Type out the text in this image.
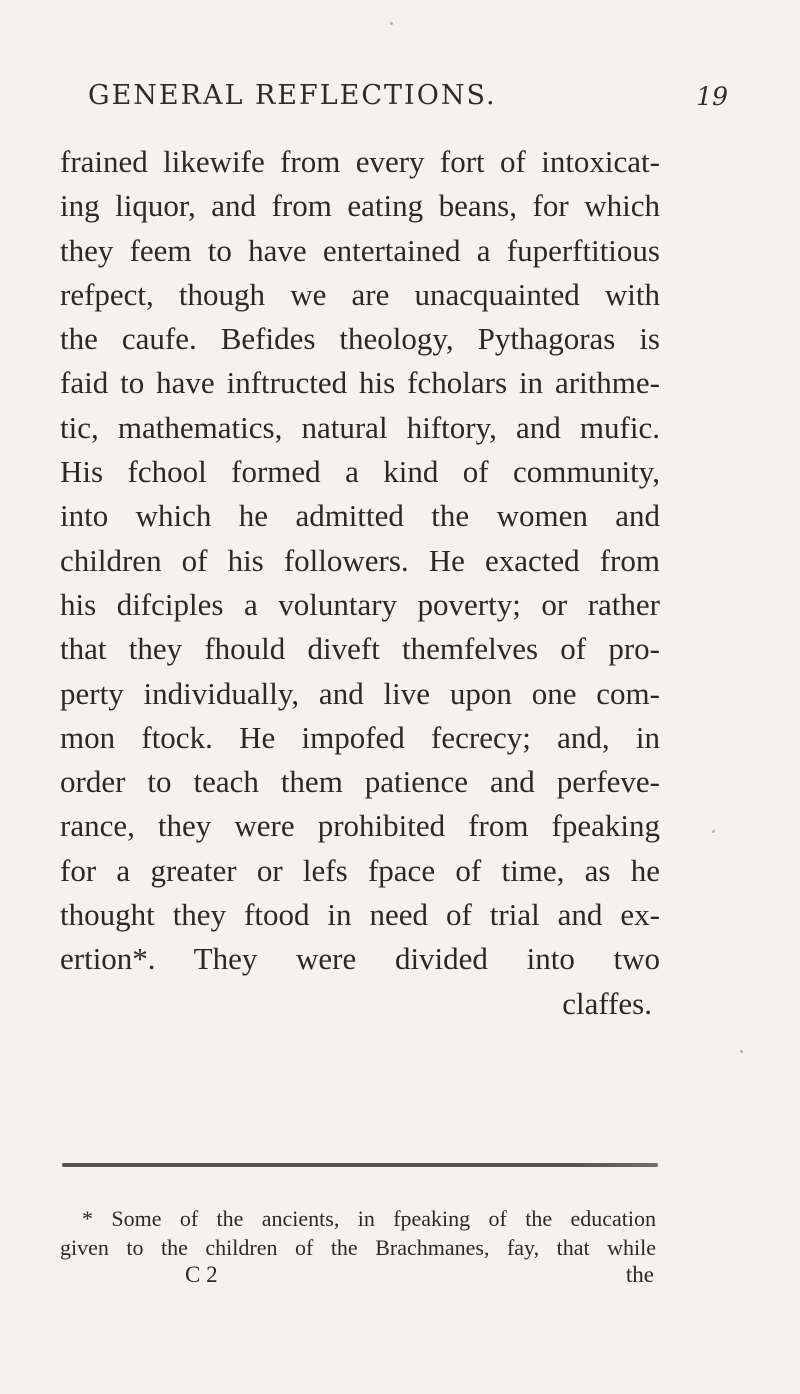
GENERAL REFLECTIONS.	19
frained likewife from every fort of intoxicat-
ing liquor, and from eating beans, for which
they feem to have entertained a fuperftitious
refpect, though we are unacquainted with
the caufe. Befides theology, Pythagoras is
faid to have inftructed his fcholars in arithme-
tic, mathematics, natural hiftory, and mufic.
His fchool formed a kind of community,
into which he admitted the women and
children of his followers. He exacted from
his difciples a voluntary poverty; or rather
that they fhould diveft themfelves of pro-
perty individually, and live upon one com-
mon ftock. He impofed fecrecy; and, in
order to teach them patience and perfeve-
rance, they were prohibited from fpeaking
for a greater or lefs fpace of time, as he
thought they ftood in need of trial and ex-
ertion*. They were divided into two
claffes.
* Some of the ancients, in fpeaking of the education
given to the children of the Brachmanes, fay, that while
C 2	the
